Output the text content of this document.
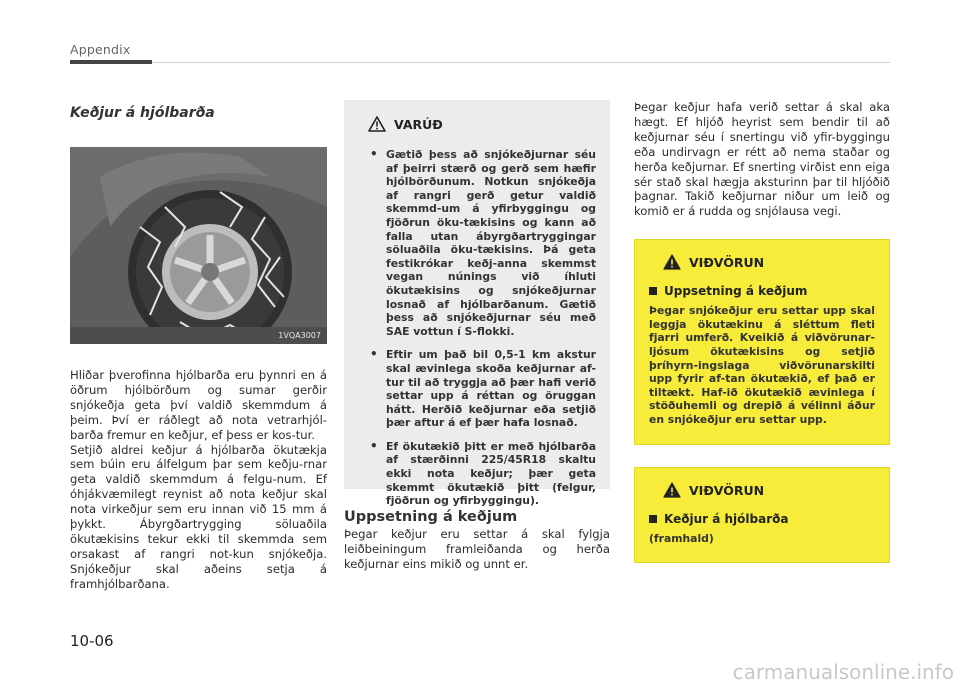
Appendix
Keðjur á hjólbarða
1VQA3007

Hliðar þverofinna hjólbarða eru þynnri en á öðrum hjólbörðum og sumar gerðir snjókeðja geta því valdið skemmdum á þeim. Því er ráðlegt að nota vetrarhjól-barða fremur en keðjur, ef þess er kos-tur.

Setjið aldrei keðjur á hjólbarða ökutækja sem búin eru álfelgum þar sem keðju-rnar geta valdið skemmdum á felgu-num. Ef óhjákvæmilegt reynist að nota keðjur skal nota virkeðjur sem eru innan við 15 mm á þykkt. Ábyrgðartrygging söluaðila ökutækisins tekur ekki til skemmda sem orsakast af rangri not-kun snjókeðja. Snjókeðjur skal aðeins setja á framhjólbarðana.

VARÚÐ
• Gætið þess að snjókeðjurnar séu af þeirri stærð og gerð sem hæfir hjólbörðunum. Notkun snjókeðja af rangri gerð getur valdið skemmd-um á yfirbyggingu og fjöðrun öku-tækisins og kann að falla utan ábyrgðartryggingar söluaðila öku-tækisins. Þá geta festikrókar keðj-anna skemmst vegan núnings við íhluti ökutækisins og snjókeðjurnar losnað af hjólbarðanum. Gætið þess að snjókeðjurnar séu með SAE vottun í S-flokki.
• Eftir um það bil 0,5-1 km akstur skal ævinlega skoða keðjurnar af-tur til að tryggja að þær hafi verið settar upp á réttan og öruggan hátt. Herðið keðjurnar eða setjið þær aftur á ef þær hafa losnað.
• Ef ökutækið þitt er með hjólbarða af stærðinni 225/45R18 skaltu ekki nota keðjur; þær geta skemmt ökutækið þitt (felgur, fjöðrun og yfirbyggingu).
Uppsetning á keðjum

Þegar keðjur eru settar á skal fylgja leiðbeiningum framleiðanda og herða keðjurnar eins mikið og unnt er.

Þegar keðjur hafa verið settar á skal aka hægt. Ef hljóð heyrist sem bendir til að keðjurnar séu í snertingu við yfir-byggingu eða undirvagn er rétt að nema staðar og herða keðjurnar. Ef snerting virðist enn eiga sér stað skal hægja aksturinn þar til hljóðið þagnar. Takið keðjurnar niður um leið og komið er á rudda og snjólausa vegi.

VIÐVÖRUN
Uppsetning á keðjum

Þegar snjókeðjur eru settar upp skal leggja ökutækinu á sléttum fleti fjarri umferð. Kveikið á viðvörunar-ljósum ökutækisins og setjið þríhyrn-ingslaga viðvörunarskilti upp fyrir af-tan ökutækið, ef það er tiltækt. Haf-ið ökutækið ævinlega í stöðuhemli og drepið á vélinni áður en snjókeðjur eru settar upp.

VIÐVÖRUN
Keðjur á hjólbarða

(framhald)

10-06
carmanualsonline.info
